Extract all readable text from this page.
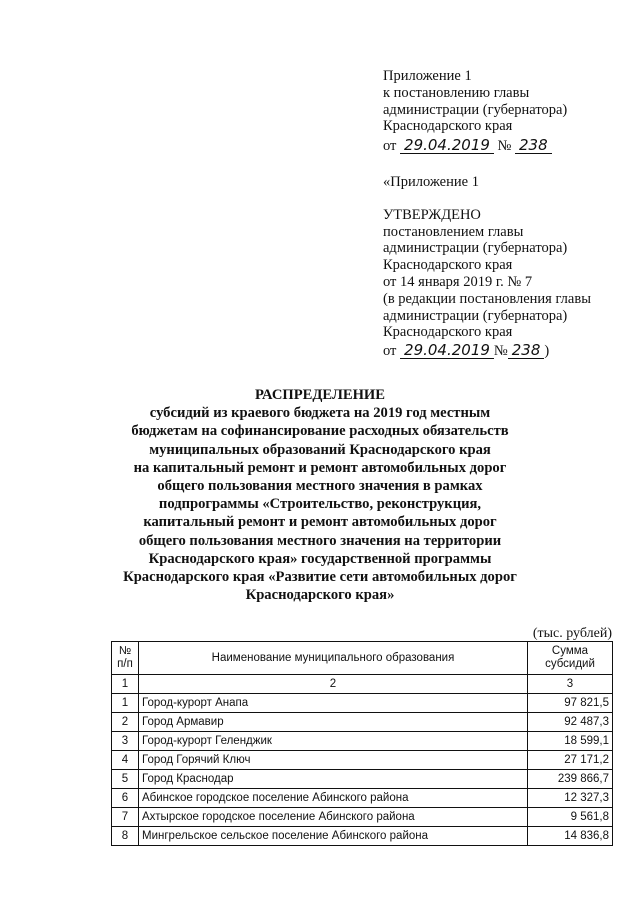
Приложение 1
к постановлению главы
администрации (губернатора)
Краснодарского края
от 29.04.2019 № 238
«Приложение 1
УТВЕРЖДЕНО
постановлением главы
администрации (губернатора)
Краснодарского края
от 14 января 2019 г. № 7
(в редакции постановления главы
администрации (губернатора)
Краснодарского края
от 29.04.2019 № 238 )
РАСПРЕДЕЛЕНИЕ
субсидий из краевого бюджета на 2019 год местным
бюджетам на софинансирование расходных обязательств
муниципальных образований Краснодарского края
на капитальный ремонт и ремонт автомобильных дорог
общего пользования местного значения в рамках
подпрограммы «Строительство, реконструкция,
капитальный ремонт и ремонт автомобильных дорог
общего пользования местного значения на территории
Краснодарского края» государственной программы
Краснодарского края «Развитие сети автомобильных дорог
Краснодарского края»
(тыс. рублей)
№ п/п	Наименование муниципального образования	Сумма субсидий
1	2	3
1	Город-курорт Анапа	97 821,5
2	Город Армавир	92 487,3
3	Город-курорт Геленджик	18 599,1
4	Город Горячий Ключ	27 171,2
5	Город Краснодар	239 866,7
6	Абинское городское поселение Абинского района	12 327,3
7	Ахтырское городское поселение Абинского района	9 561,8
8	Мингрельское сельское поселение Абинского района	14 836,8
